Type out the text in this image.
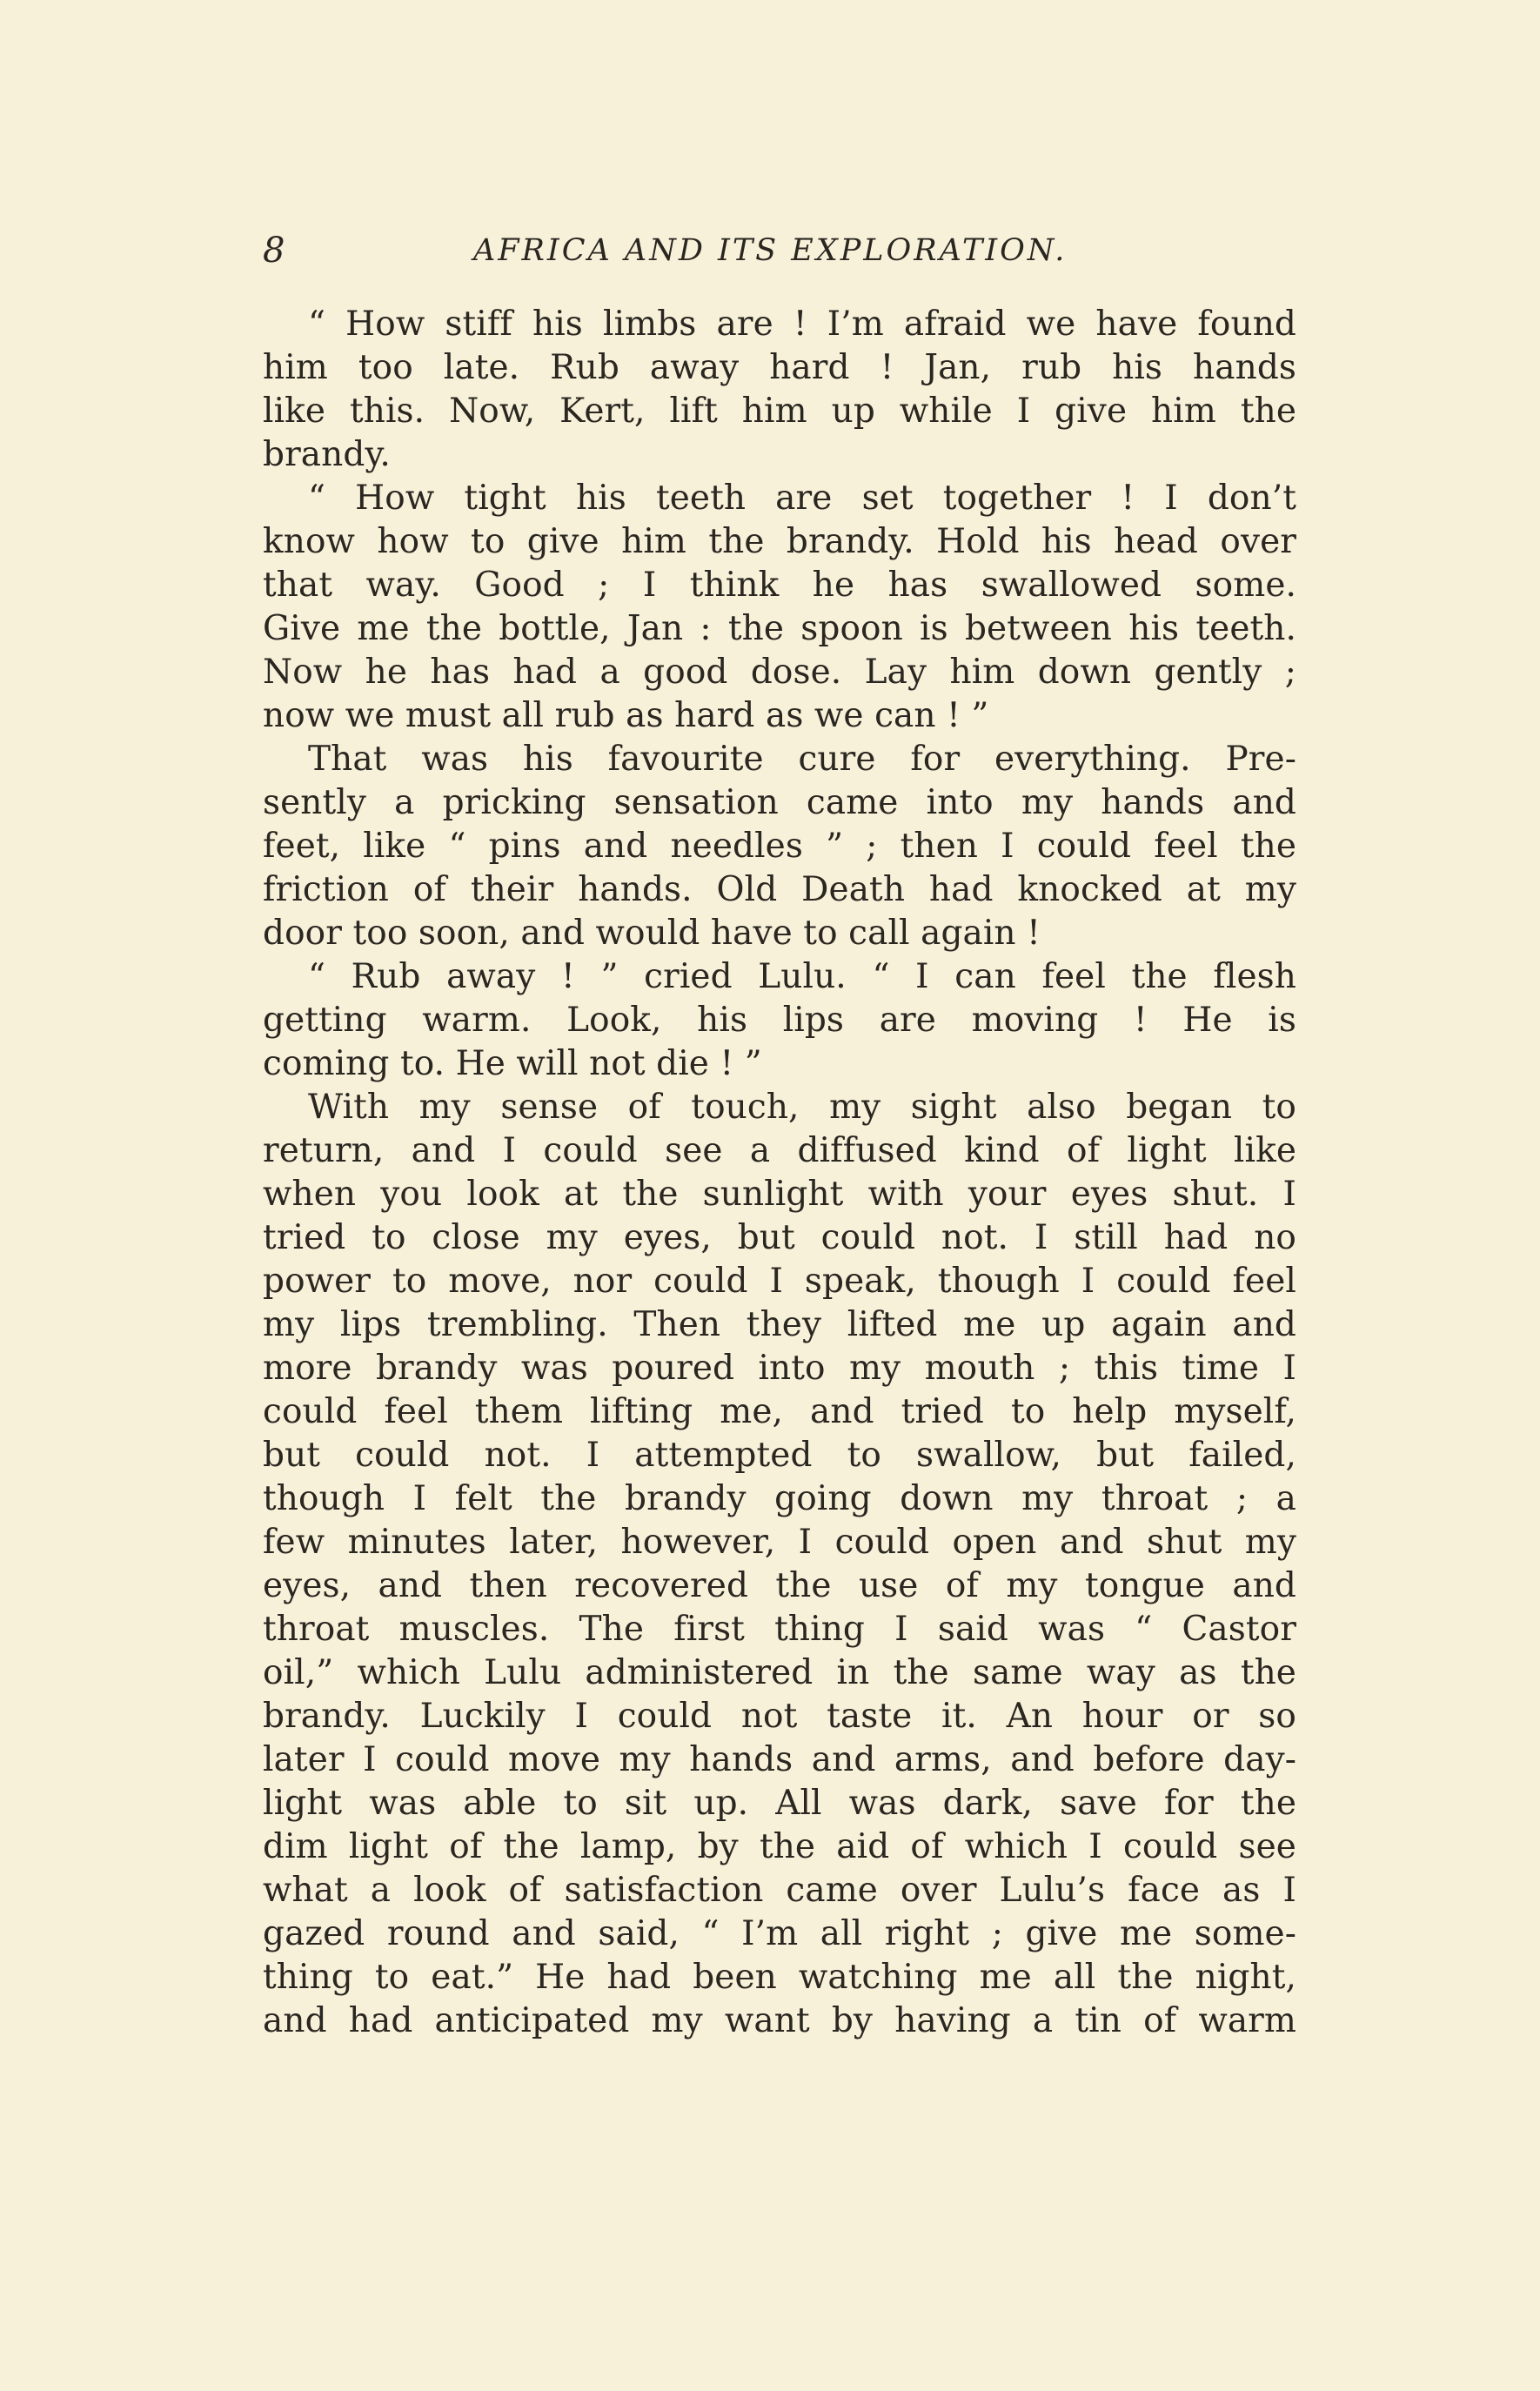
8	AFRICA AND ITS EXPLORATION.
“ How stiff his limbs are ! I’m afraid we have found
him too late. Rub away hard ! Jan, rub his hands
like this. Now, Kert, lift him up while I give him the
brandy.
“ How tight his teeth are set together ! I don’t
know how to give him the brandy. Hold his head over
that way. Good ; I think he has swallowed some.
Give me the bottle, Jan : the spoon is between his teeth.
Now he has had a good dose. Lay him down gently ;
now we must all rub as hard as we can ! ”
That was his favourite cure for everything. Pre-
sently a pricking sensation came into my hands and
feet, like “ pins and needles ” ; then I could feel the
friction of their hands. Old Death had knocked at my
door too soon, and would have to call again !
“ Rub away ! ” cried Lulu. “ I can feel the flesh
getting warm. Look, his lips are moving ! He is
coming to. He will not die ! ”
With my sense of touch, my sight also began to
return, and I could see a diffused kind of light like
when you look at the sunlight with your eyes shut. I
tried to close my eyes, but could not. I still had no
power to move, nor could I speak, though I could feel
my lips trembling. Then they lifted me up again and
more brandy was poured into my mouth ; this time I
could feel them lifting me, and tried to help myself,
but could not. I attempted to swallow, but failed,
though I felt the brandy going down my throat ; a
few minutes later, however, I could open and shut my
eyes, and then recovered the use of my tongue and
throat muscles. The first thing I said was “ Castor
oil,” which Lulu administered in the same way as the
brandy. Luckily I could not taste it. An hour or so
later I could move my hands and arms, and before day-
light was able to sit up. All was dark, save for the
dim light of the lamp, by the aid of which I could see
what a look of satisfaction came over Lulu’s face as I
gazed round and said, “ I’m all right ; give me some-
thing to eat.” He had been watching me all the night,
and had anticipated my want by having a tin of warm
